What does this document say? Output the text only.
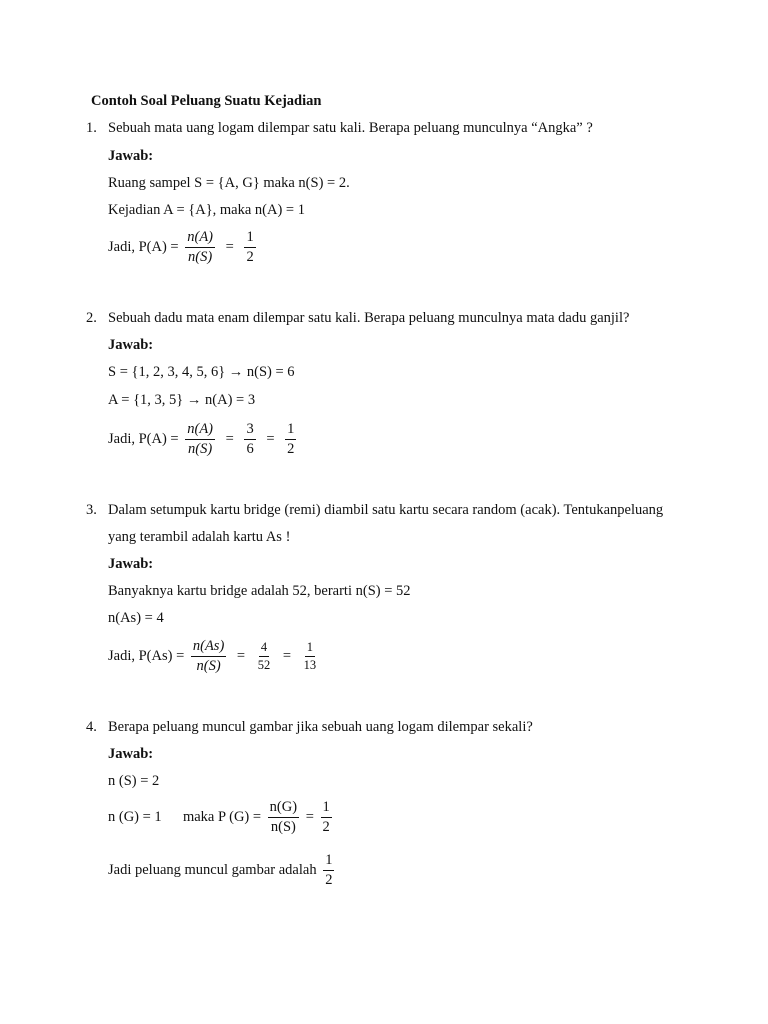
Contoh Soal Peluang Suatu Kejadian
1. Sebuah mata uang logam dilempar satu kali. Berapa peluang munculnya “Angka” ?
Jawab:
Ruang sampel S = {A, G} maka n(S) = 2.
Kejadian A = {A}, maka n(A) = 1
Jadi, $P(A) = \frac{n(A)}{n(S)} = \frac{1}{2}$
2. Sebuah dadu mata enam dilempar satu kali. Berapa peluang munculnya mata dadu ganjil?
Jawab:
S = {1, 2, 3, 4, 5, 6} → n(S) = 6
A = {1, 3, 5} → n(A) = 3
Jadi, $P(A) = \frac{n(A)}{n(S)} = \frac{3}{6} = \frac{1}{2}$
3. Dalam setumpuk kartu bridge (remi) diambil satu kartu secara random (acak). Tentukanpeluang
yang terambil adalah kartu As !
Jawab:
Banyaknya kartu bridge adalah 52, berarti n(S) = 52
n(As) = 4
Jadi, $P(As) = \frac{n(As)}{n(S)} = \frac{4}{52} = \frac{1}{13}$
4. Berapa peluang muncul gambar jika sebuah uang logam dilempar sekali?
Jawab:
n (S) = 2
n (G) = 1 maka P $(G) = \frac{n(G)}{n(S)} = \frac{1}{2}$
Jadi peluang muncul gambar adalah $\frac{1}{2}$
